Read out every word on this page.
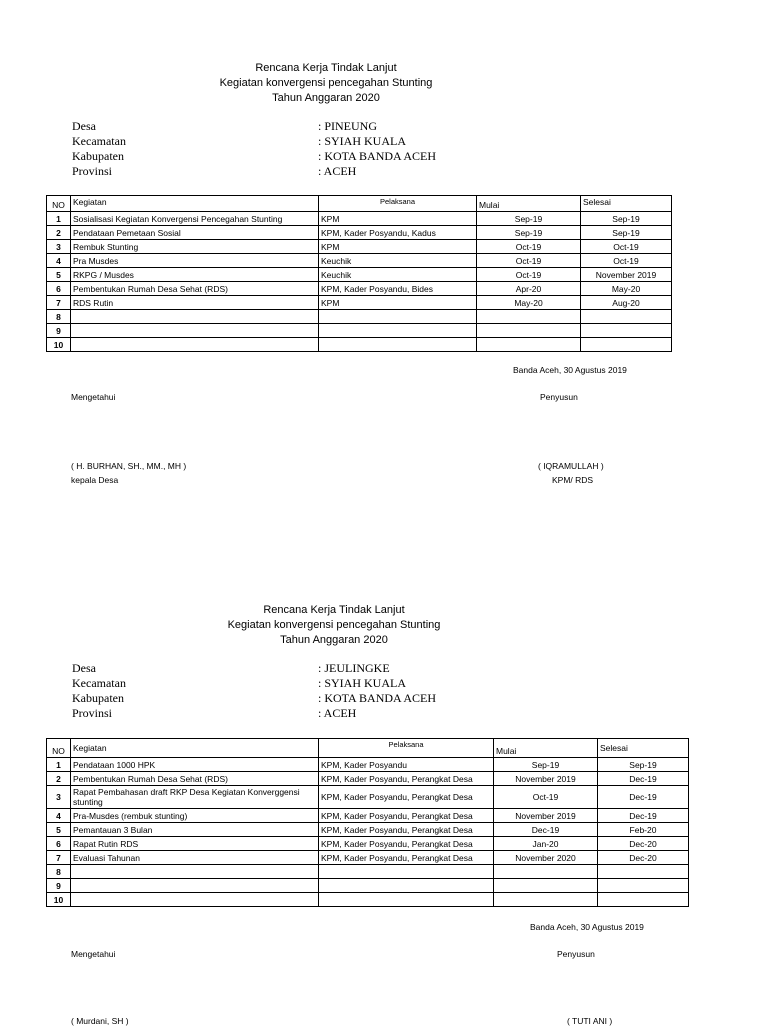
Rencana Kerja Tindak Lanjut
Kegiatan konvergensi pencegahan Stunting
Tahun Anggaran 2020
Desa	: PINEUNG
Kecamatan	: SYIAH KUALA
Kabupaten	: KOTA BANDA ACEH
Provinsi	: ACEH
NO	Kegiatan	Pelaksana	Mulai	Selesai
1	Sosialisasi Kegiatan Konvergensi Pencegahan Stunting	KPM	Sep-19	Sep-19
2	Pendataan Pemetaan Sosial	KPM, Kader Posyandu, Kadus	Sep-19	Sep-19
3	Rembuk Stunting	KPM	Oct-19	Oct-19
4	Pra Musdes	Keuchik	Oct-19	Oct-19
5	RKPG / Musdes	Keuchik	Oct-19	November 2019
6	Pembentukan Rumah Desa Sehat (RDS)	KPM, Kader Posyandu, Bides	Apr-20	May-20
7	RDS Rutin	KPM	May-20	Aug-20
8				
9				
10				
Banda Aceh, 30 Agustus 2019
Mengetahui	Penyusun
( H. BURHAN, SH., MM., MH )
kepala Desa
( IQRAMULLAH )
KPM/ RDS
Rencana Kerja Tindak Lanjut
Kegiatan konvergensi pencegahan Stunting
Tahun Anggaran 2020
Desa	: JEULINGKE
Kecamatan	: SYIAH KUALA
Kabupaten	: KOTA BANDA ACEH
Provinsi	: ACEH
NO	Kegiatan	Pelaksana	Mulai	Selesai
1	Pendataan 1000 HPK	KPM, Kader Posyandu	Sep-19	Sep-19
2	Pembentukan Rumah Desa Sehat (RDS)	KPM, Kader Posyandu, Perangkat Desa	November 2019	Dec-19
3	Rapat Pembahasan draft RKP Desa Kegiatan Konverggensi stunting	KPM, Kader Posyandu, Perangkat Desa	Oct-19	Dec-19
4	Pra-Musdes (rembuk stunting)	KPM, Kader Posyandu, Perangkat Desa	November 2019	Dec-19
5	Pemantauan 3 Bulan	KPM, Kader Posyandu, Perangkat Desa	Dec-19	Feb-20
6	Rapat Rutin RDS	KPM, Kader Posyandu, Perangkat Desa	Jan-20	Dec-20
7	Evaluasi Tahunan	KPM, Kader Posyandu, Perangkat Desa	November 2020	Dec-20
8				
9				
10				
Banda Aceh, 30 Agustus 2019
Mengetahui	Penyusun
( Murdani, SH )	( TUTI ANI )
